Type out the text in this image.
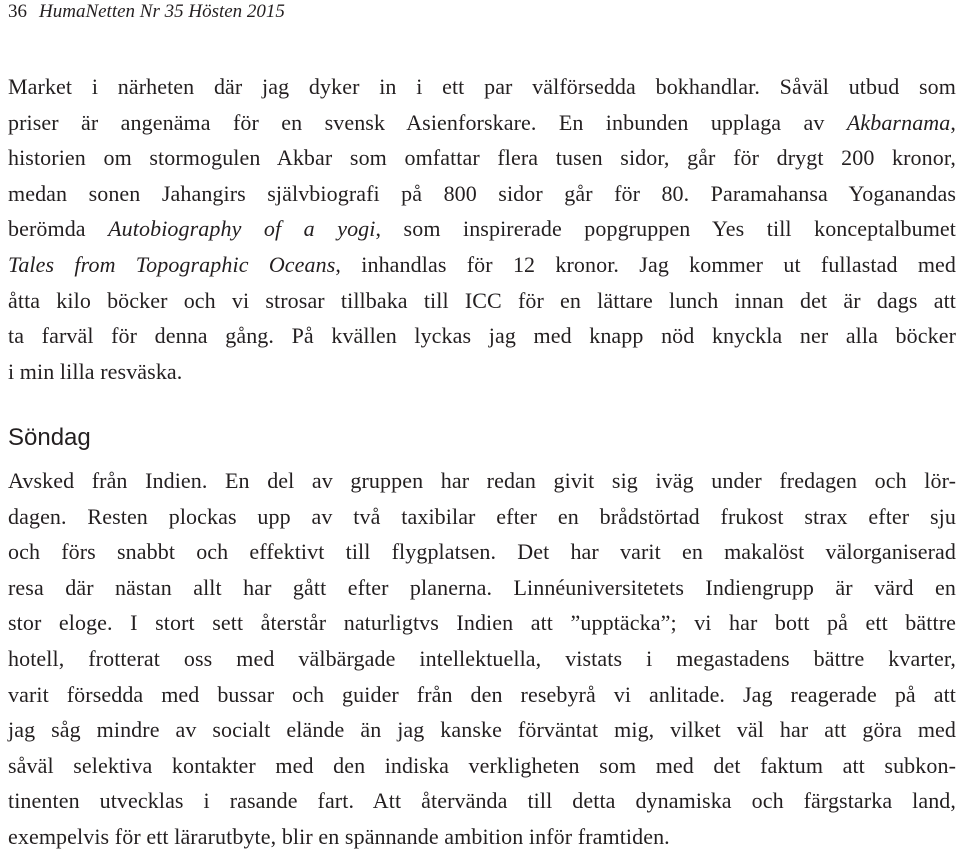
36 HumaNetten Nr 35 Hösten 2015

Market i närheten där jag dyker in i ett par välförsedda bokhandlar. Såväl utbud som
priser är angenäma för en svensk Asienforskare. En inbunden upplaga av Akbarnama,
historien om stormogulen Akbar som omfattar flera tusen sidor, går för drygt 200 kronor,
medan sonen Jahangirs självbiografi på 800 sidor går för 80. Paramahansa Yoganandas
berömda Autobiography of a yogi, som inspirerade popgruppen Yes till konceptalbumet
Tales from Topographic Oceans, inhandlas för 12 kronor. Jag kommer ut fullastad med
åtta kilo böcker och vi strosar tillbaka till ICC för en lättare lunch innan det är dags att
ta farväl för denna gång. På kvällen lyckas jag med knapp nöd knyckla ner alla böcker
i min lilla resväska.

Söndag

Avsked från Indien. En del av gruppen har redan givit sig iväg under fredagen och lör-
dagen. Resten plockas upp av två taxibilar efter en brådstörtad frukost strax efter sju
och förs snabbt och effektivt till flygplatsen. Det har varit en makalöst välorganiserad
resa där nästan allt har gått efter planerna. Linnéuniversitetets Indiengrupp är värd en
stor eloge. I stort sett återstår naturligtvs Indien att ”upptäcka”; vi har bott på ett bättre
hotell, frotterat oss med välbärgade intellektuella, vistats i megastadens bättre kvarter,
varit försedda med bussar och guider från den resebyrå vi anlitade. Jag reagerade på att
jag såg mindre av socialt elände än jag kanske förväntat mig, vilket väl har att göra med
såväl selektiva kontakter med den indiska verkligheten som med det faktum att subkon-
tinenten utvecklas i rasande fart. Att återvända till detta dynamiska och färgstarka land,
exempelvis för ett lärarutbyte, blir en spännande ambition inför framtiden.
